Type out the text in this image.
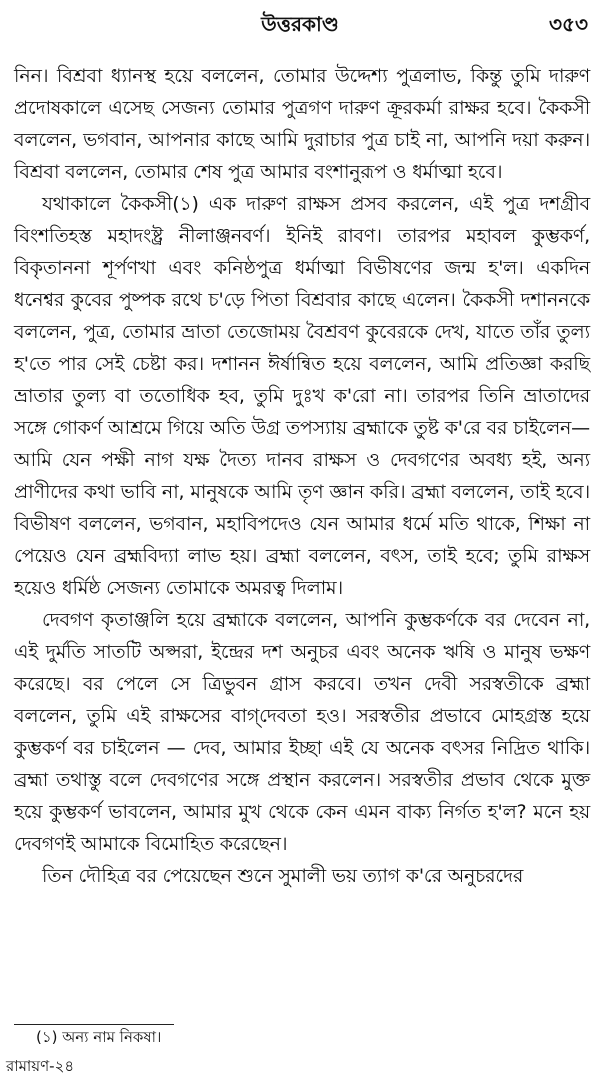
উত্তরকাণ্ড	৩৫৩

নিন। বিশ্রবা ধ্যানস্থ হয়ে বললেন, তোমার উদ্দেশ্য পুত্রলাভ, কিন্তু তুমি দারুণ প্রদোষকালে এসেছ সেজন্য তোমার পুত্রগণ দারুণ ক্রূরকর্মা রাক্ষর হবে। কৈকসী বললেন, ভগবান, আপনার কাছে আমি দুরাচার পুত্র চাই না, আপনি দয়া করুন। বিশ্রবা বললেন, তোমার শেষ পুত্র আমার বংশানুরূপ ও ধর্মাত্মা হবে।

যথাকালে কৈকসী(১) এক দারুণ রাক্ষস প্রসব করলেন, এই পুত্র দশগ্রীব বিংশতিহস্ত মহাদংষ্ট্র নীলাঞ্জনবর্ণ। ইনিই রাবণ। তারপর মহাবল কুম্ভকর্ণ, বিকৃতাননা শূর্পণখা এবং কনিষ্ঠপুত্র ধর্মাত্মা বিভীষণের জন্ম হ'ল। একদিন ধনেশ্বর কুবের পুষ্পক রথে চ'ড়ে পিতা বিশ্রবার কাছে এলেন। কৈকসী দশাননকে বললেন, পুত্র, তোমার ভ্রাতা তেজোময় বৈশ্রবণ কুবেরকে দেখ, যাতে তাঁর তুল্য হ'তে পার সেই চেষ্টা কর। দশানন ঈর্ষান্বিত হয়ে বললেন, আমি প্রতিজ্ঞা করছি ভ্রাতার তুল্য বা ততোধিক হব, তুমি দুঃখ ক'রো না। তারপর তিনি ভ্রাতাদের সঙ্গে গোকর্ণ আশ্রমে গিয়ে অতি উগ্র তপস্যায় ব্রহ্মাকে তুষ্ট ক'রে বর চাইলেন—আমি যেন পক্ষী নাগ যক্ষ দৈত্য দানব রাক্ষস ও দেবগণের অবধ্য হই, অন্য প্রাণীদের কথা ভাবি না, মানুষকে আমি তৃণ জ্ঞান করি। ব্রহ্মা বললেন, তাই হবে। বিভীষণ বললেন, ভগবান, মহাবিপদেও যেন আমার ধর্মে মতি থাকে, শিক্ষা না পেয়েও যেন ব্রহ্মবিদ্যা লাভ হয়। ব্রহ্মা বললেন, বৎস, তাই হবে; তুমি রাক্ষস হয়েও ধর্মিষ্ঠ সেজন্য তোমাকে অমরত্ব দিলাম।

দেবগণ কৃতাঞ্জলি হয়ে ব্রহ্মাকে বললেন, আপনি কুম্ভকর্ণকে বর দেবেন না, এই দুর্মতি সাতটি অপ্সরা, ইন্দ্রের দশ অনুচর এবং অনেক ঋষি ও মানুষ ভক্ষণ করেছে। বর পেলে সে ত্রিভুবন গ্রাস করবে। তখন দেবী সরস্বতীকে ব্রহ্মা বললেন, তুমি এই রাক্ষসের বাগ্‌দেবতা হও। সরস্বতীর প্রভাবে মোহগ্রস্ত হয়ে কুম্ভকর্ণ বর চাইলেন — দেব, আমার ইচ্ছা এই যে অনেক বৎসর নিদ্রিত থাকি। ব্রহ্মা তথাস্তু বলে দেবগণের সঙ্গে প্রস্থান করলেন। সরস্বতীর প্রভাব থেকে মুক্ত হয়ে কুম্ভকর্ণ ভাবলেন, আমার মুখ থেকে কেন এমন বাক্য নির্গত হ'ল? মনে হয় দেবগণই আমাকে বিমোহিত করেছেন।

তিন দৌহিত্র বর পেয়েছেন শুনে সুমালী ভয় ত্যাগ ক'রে অনুচরদের

(১) অন্য নাম নিকষা।
রামায়ণ-২৪
